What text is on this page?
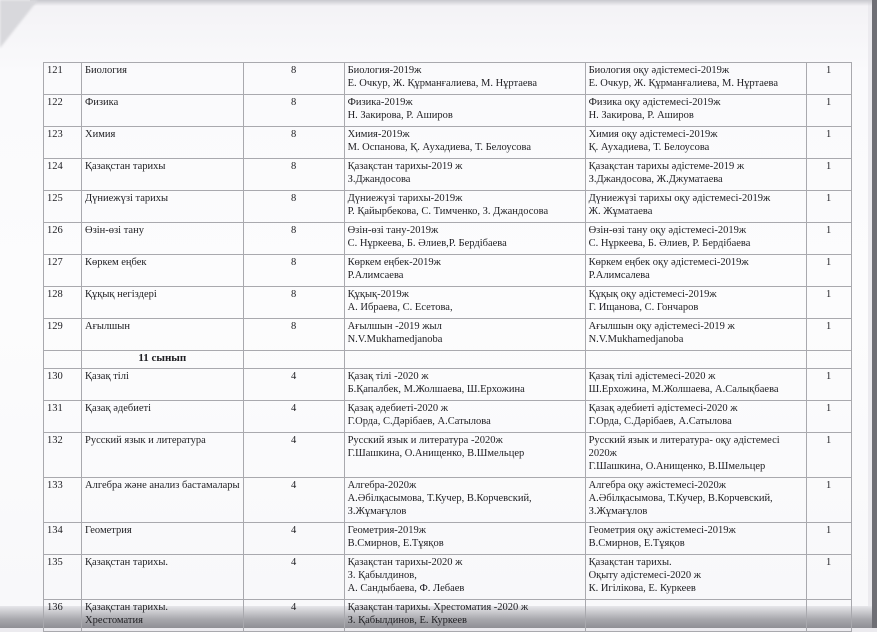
121	Биология	8	Биология-2019ж
Е. Очкур, Ж. Құрманғалиева, М. Нұртаева	Биология оқу әдістемесі-2019ж
Е. Очкур, Ж. Құрманғалиева, М. Нұртаева	1
122	Физика	8	Физика-2019ж
Н. Закирова, Р. Аширов	Физика оқу әдістемесі-2019ж
Н. Закирова, Р. Аширов	1
123	Химия	8	Химия-2019ж
М. Оспанова, Қ. Аухадиева, Т. Белоусова	Химия оқу әдістемесі-2019ж
Қ. Аухадиева, Т. Белоусова	1
124	Қазақстан тарихы	8	Қазақстан тарихы-2019 ж
З.Джандосова	Қазақстан тарихы әдістеме-2019 ж
З.Джандосова, Ж.Джуматаева	1
125	Дүниежүзі тарихы	8	Дүниежүзі тарихы-2019ж
Р. Қайырбекова, С. Тимченко, З. Джандосова	Дүниежүзі тарихы оқу әдістемесі-2019ж
Ж. Жұматаева	1
126	Өзін-өзі тану	8	Өзін-өзі тану-2019ж
С. Нұркеева, Б. Әлиев,Р. Бердібаева	Өзін-өзі тану оқу әдістемесі-2019ж
С. Нұркеева, Б. Әлиев, Р. Бердібаева	1
127	Көркем еңбек	8	Көркем еңбек-2019ж
Р.Алимсаева	Көркем еңбек оқу әдістемесі-2019ж
Р.Алимсалева	1
128	Құқық негіздері	8	Құқық-2019ж
А. Ибраева, С. Есетова,	Құқық оқу әдістемесі-2019ж
Г. Ищанова, С. Гончаров	1
129	Ағылшын	8	Ағылшын -2019 жыл
N.V.Mukhamedjanoba	Ағылшын оқу әдістемесі-2019 ж
N.V.Mukhamedjanoba	1
	11 сынып				
130	Қазақ тілі	4	Қазақ тілі -2020 ж
Б.Қапалбек, М.Жолшаева, Ш.Ерхожина	Қазақ тілі әдістемесі-2020 ж
Ш.Ерхожина, М.Жолшаева, А.Салықбаева	1
131	Қазақ әдебиеті	4	Қазақ әдебиеті-2020 ж
Г.Орда, С.Дәрібаев, А.Сатылова	Қазақ әдебиеті әдістемесі-2020 ж
Г.Орда, С.Дәрібаев, А.Сатылова	1
132	Русский язык и литература	4	Русский язык и литература -2020ж
Г.Шашкина, О.Анищенко, В.Шмельцер	Русский язык и литература- оқу әдістемесі
2020ж
Г.Шашкина, О.Анищенко, В.Шмельцер	1
133	Алгебра және анализ бастамалары	4	Алгебра-2020ж
А.Әбілқасымова, Т.Кучер, В.Корчевский,
З.Жұмағұлов	Алгебра оқу әжістемесі-2020ж
А.Әбілқасымова, Т.Кучер, В.Корчевский,
З.Жұмағұлов	1
134	Геометрия	4	Геометрия-2019ж
В.Смирнов, Е.Тұяқов	Геометрия оқу әжістемесі-2019ж
В.Смирнов, Е.Тұяқов	1
135	Қазақстан тарихы.	4	Қазақстан тарихы-2020 ж
З. Қабылдинов,
А. Сандыбаева, Ф. Лебаев	Қазақстан тарихы.
Оқыту әдістемесі-2020 ж
К. Игілікова, Е. Куркеев	1
136	Қазақстан тарихы.
Хрестоматия	4	Қазақстан тарихы. Хрестоматия -2020 ж
З. Қабылдинов, Е. Куркеев		
